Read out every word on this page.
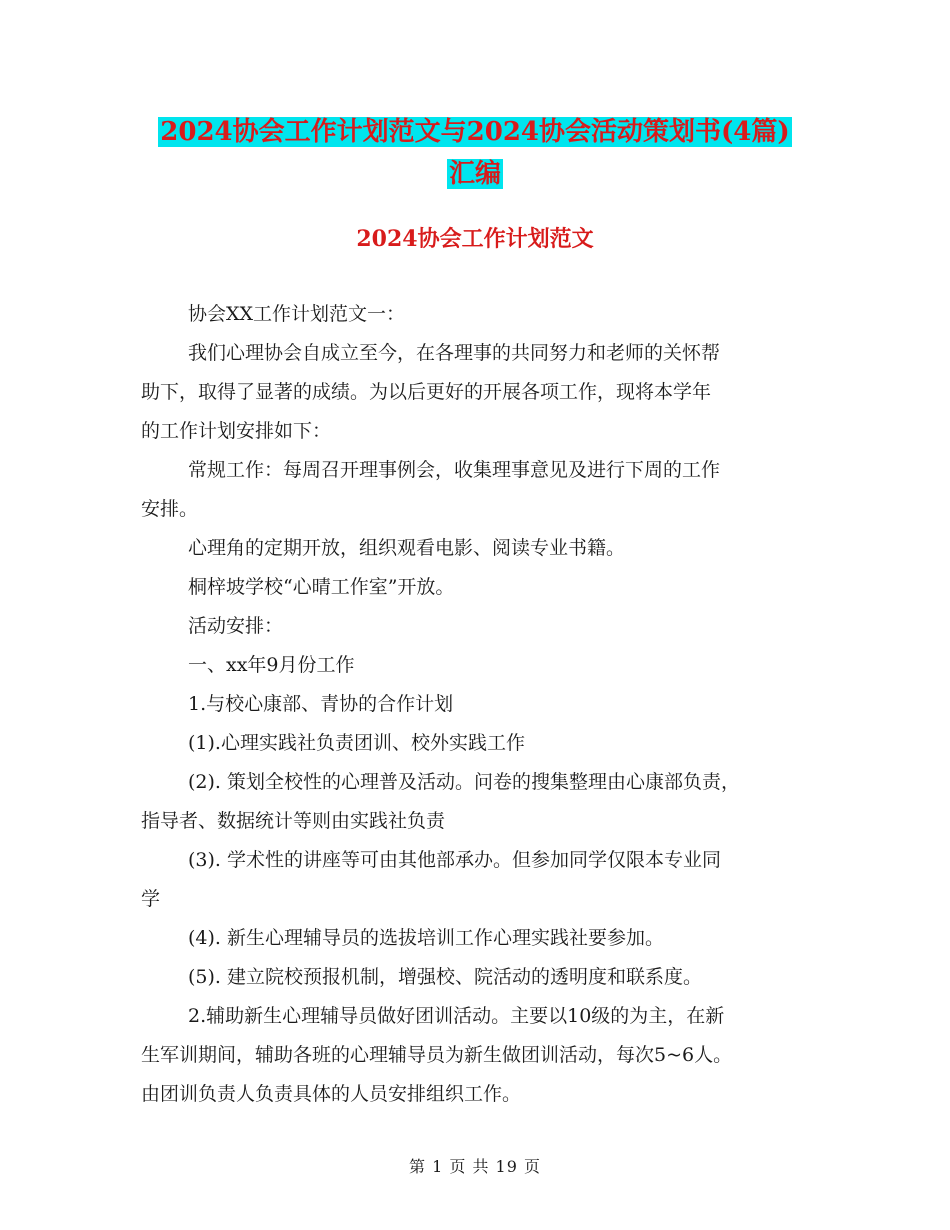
2024协会工作计划范文与2024协会活动策划书(4篇)
汇编
2024协会工作计划范文
协会XX工作计划范文一：
我们心理协会自成立至今，在各理事的共同努力和老师的关怀帮
助下，取得了显著的成绩。为以后更好的开展各项工作，现将本学年
的工作计划安排如下：
常规工作：每周召开理事例会，收集理事意见及进行下周的工作
安排。
心理角的定期开放，组织观看电影、阅读专业书籍。
桐梓坡学校“心晴工作室”开放。
活动安排：
一、xx年9月份工作
1.与校心康部、青协的合作计划
(1).心理实践社负责团训、校外实践工作
(2). 策划全校性的心理普及活动。问卷的搜集整理由心康部负责，
指导者、数据统计等则由实践社负责
(3). 学术性的讲座等可由其他部承办。但参加同学仅限本专业同
学
(4). 新生心理辅导员的选拔培训工作心理实践社要参加。
(5). 建立院校预报机制，增强校、院活动的透明度和联系度。
2.辅助新生心理辅导员做好团训活动。主要以10级的为主，在新
生军训期间，辅助各班的心理辅导员为新生做团训活动，每次5~6人。
由团训负责人负责具体的人员安排组织工作。
第 1 页 共 19 页
